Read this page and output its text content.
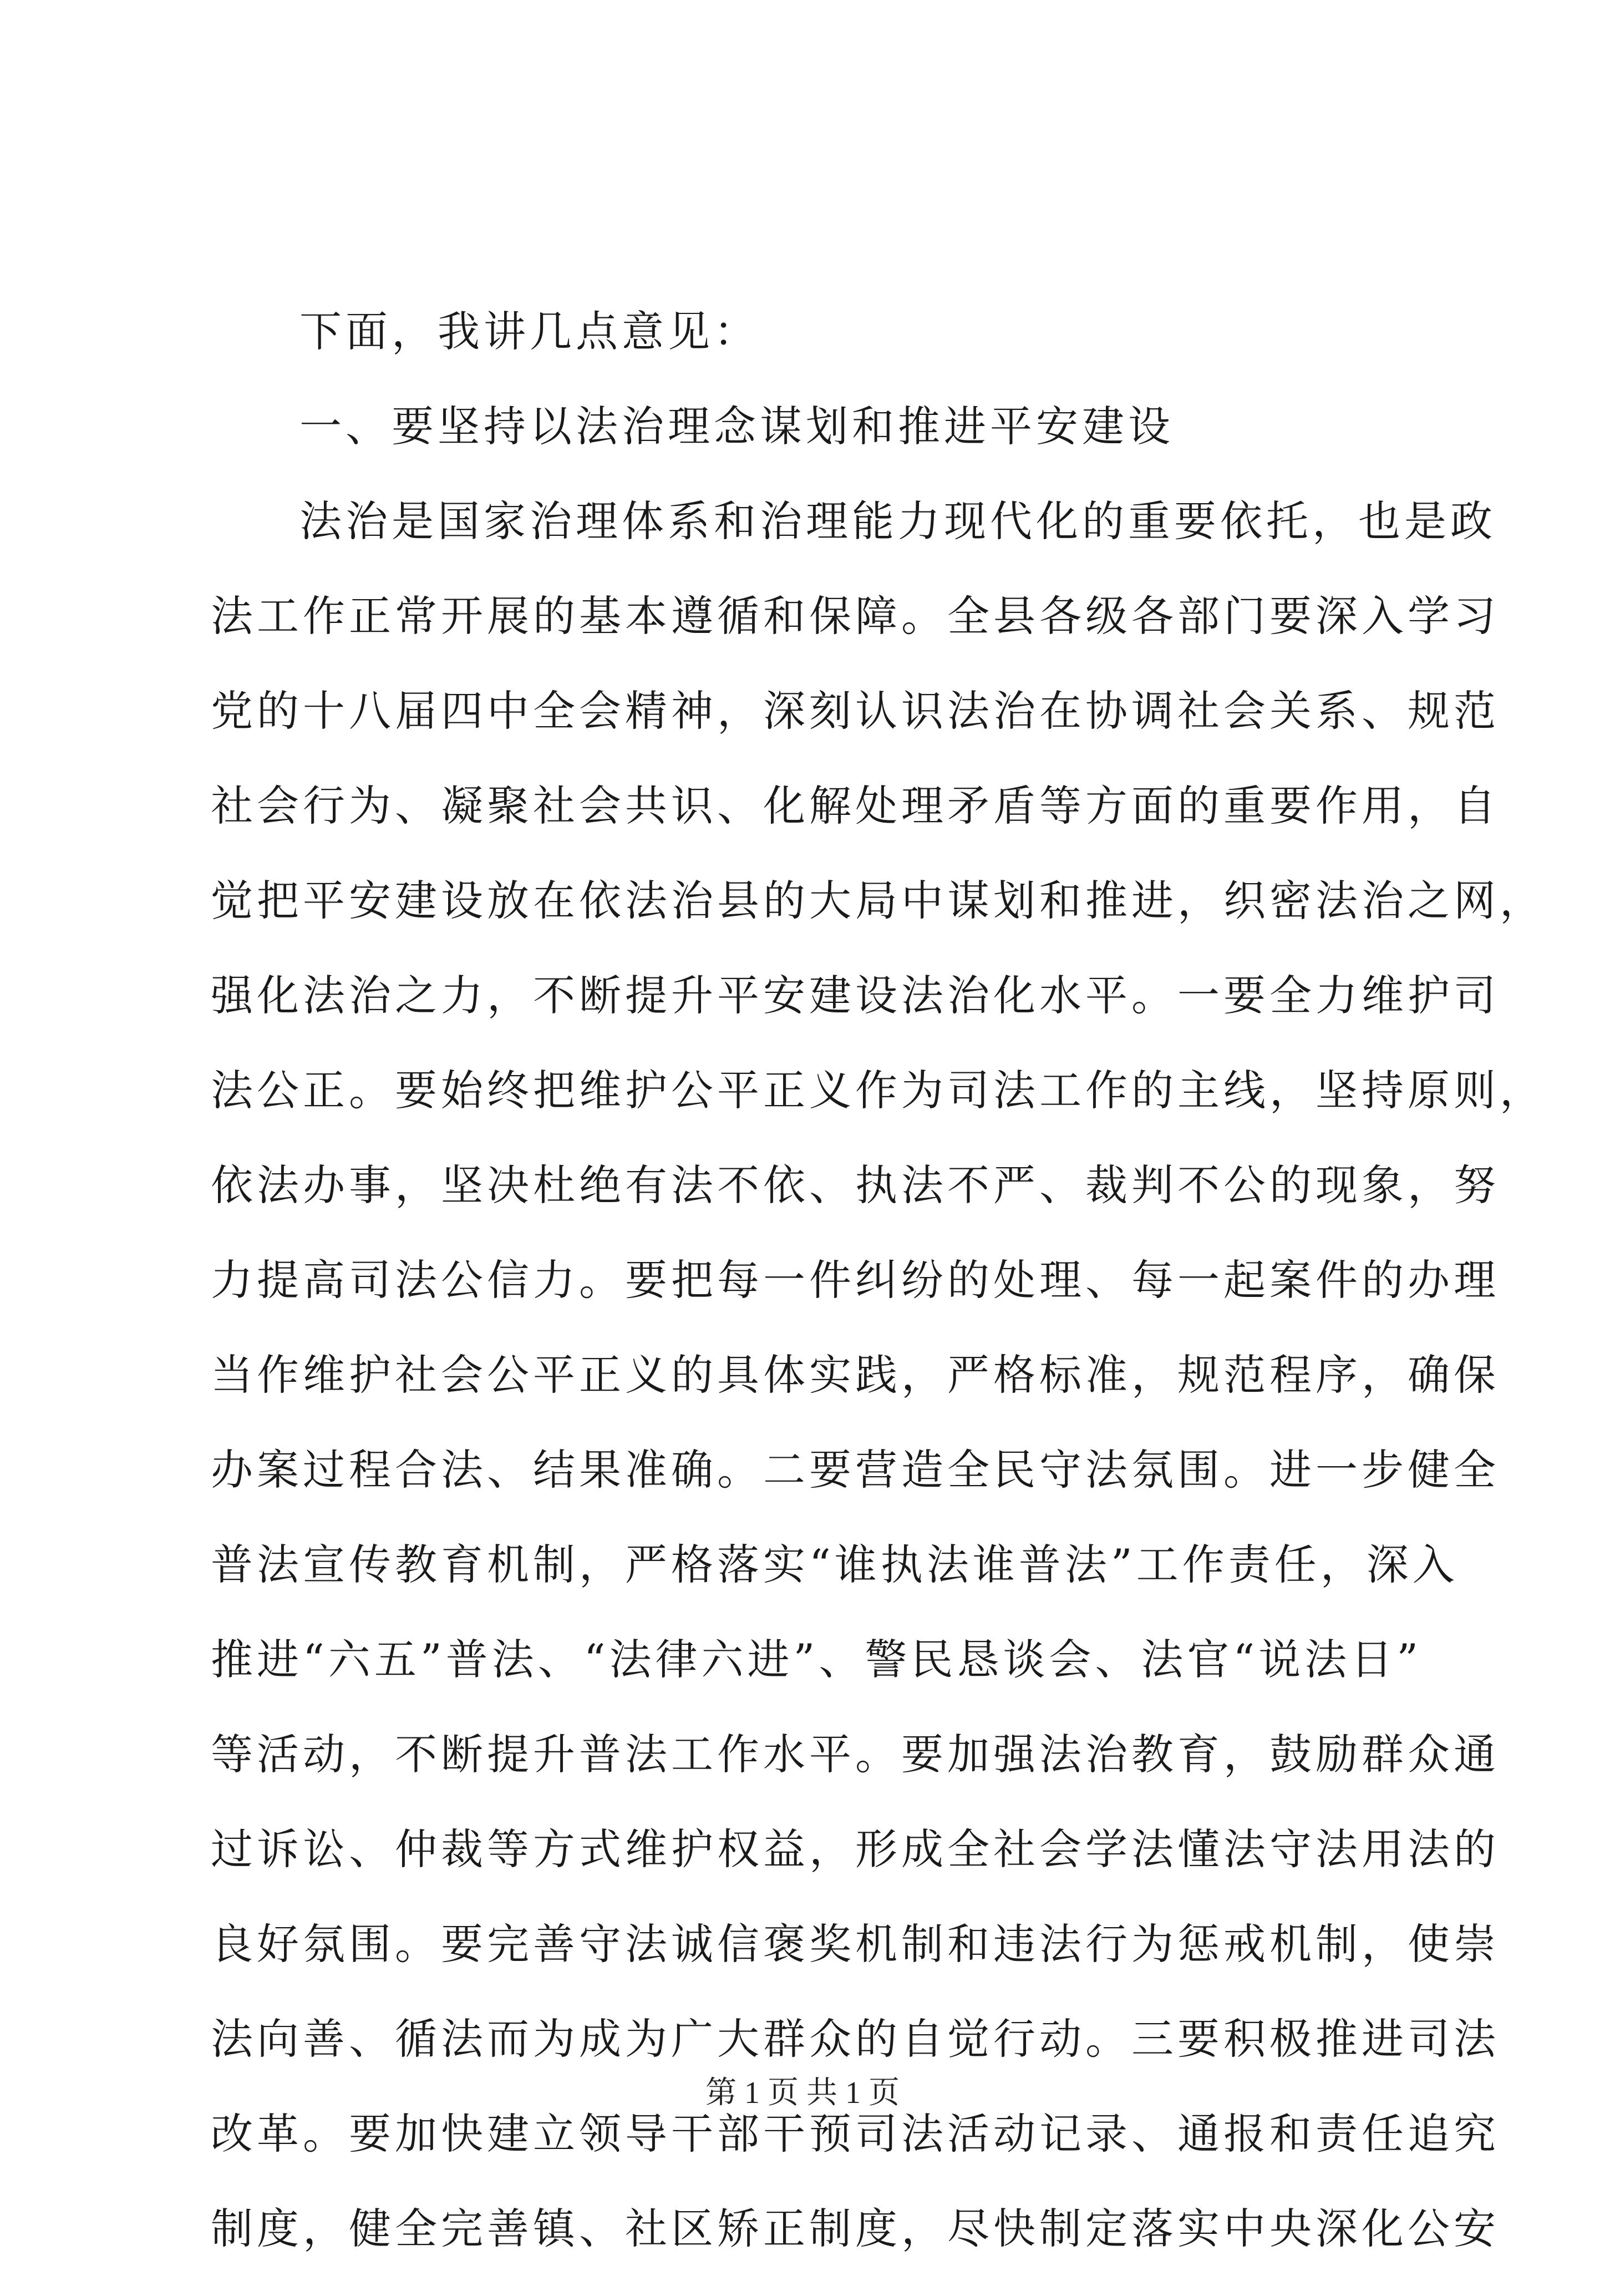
下面，我讲几点意见：
一、要坚持以法治理念谋划和推进平安建设
法治是国家治理体系和治理能力现代化的重要依托，也是政
法工作正常开展的基本遵循和保障。全县各级各部门要深入学习
党的十八届四中全会精神，深刻认识法治在协调社会关系、规范
社会行为、凝聚社会共识、化解处理矛盾等方面的重要作用，自
觉把平安建设放在依法治县的大局中谋划和推进，织密法治之网，
强化法治之力，不断提升平安建设法治化水平。一要全力维护司
法公正。要始终把维护公平正义作为司法工作的主线，坚持原则，
依法办事，坚决杜绝有法不依、执法不严、裁判不公的现象，努
力提高司法公信力。要把每一件纠纷的处理、每一起案件的办理
当作维护社会公平正义的具体实践，严格标准，规范程序，确保
办案过程合法、结果准确。二要营造全民守法氛围。进一步健全
普法宣传教育机制，严格落实“谁执法谁普法”工作责任，深入
推进“六五”普法、“法律六进”、警民恳谈会、法官“说法日”
等活动，不断提升普法工作水平。要加强法治教育，鼓励群众通
过诉讼、仲裁等方式维护权益，形成全社会学法懂法守法用法的
良好氛围。要完善守法诚信褒奖机制和违法行为惩戒机制，使崇
法向善、循法而为成为广大群众的自觉行动。三要积极推进司法
改革。要加快建立领导干部干预司法活动记录、通报和责任追究
制度，健全完善镇、社区矫正制度，尽快制定落实中央深化公安
第 1 页 共 1 页
